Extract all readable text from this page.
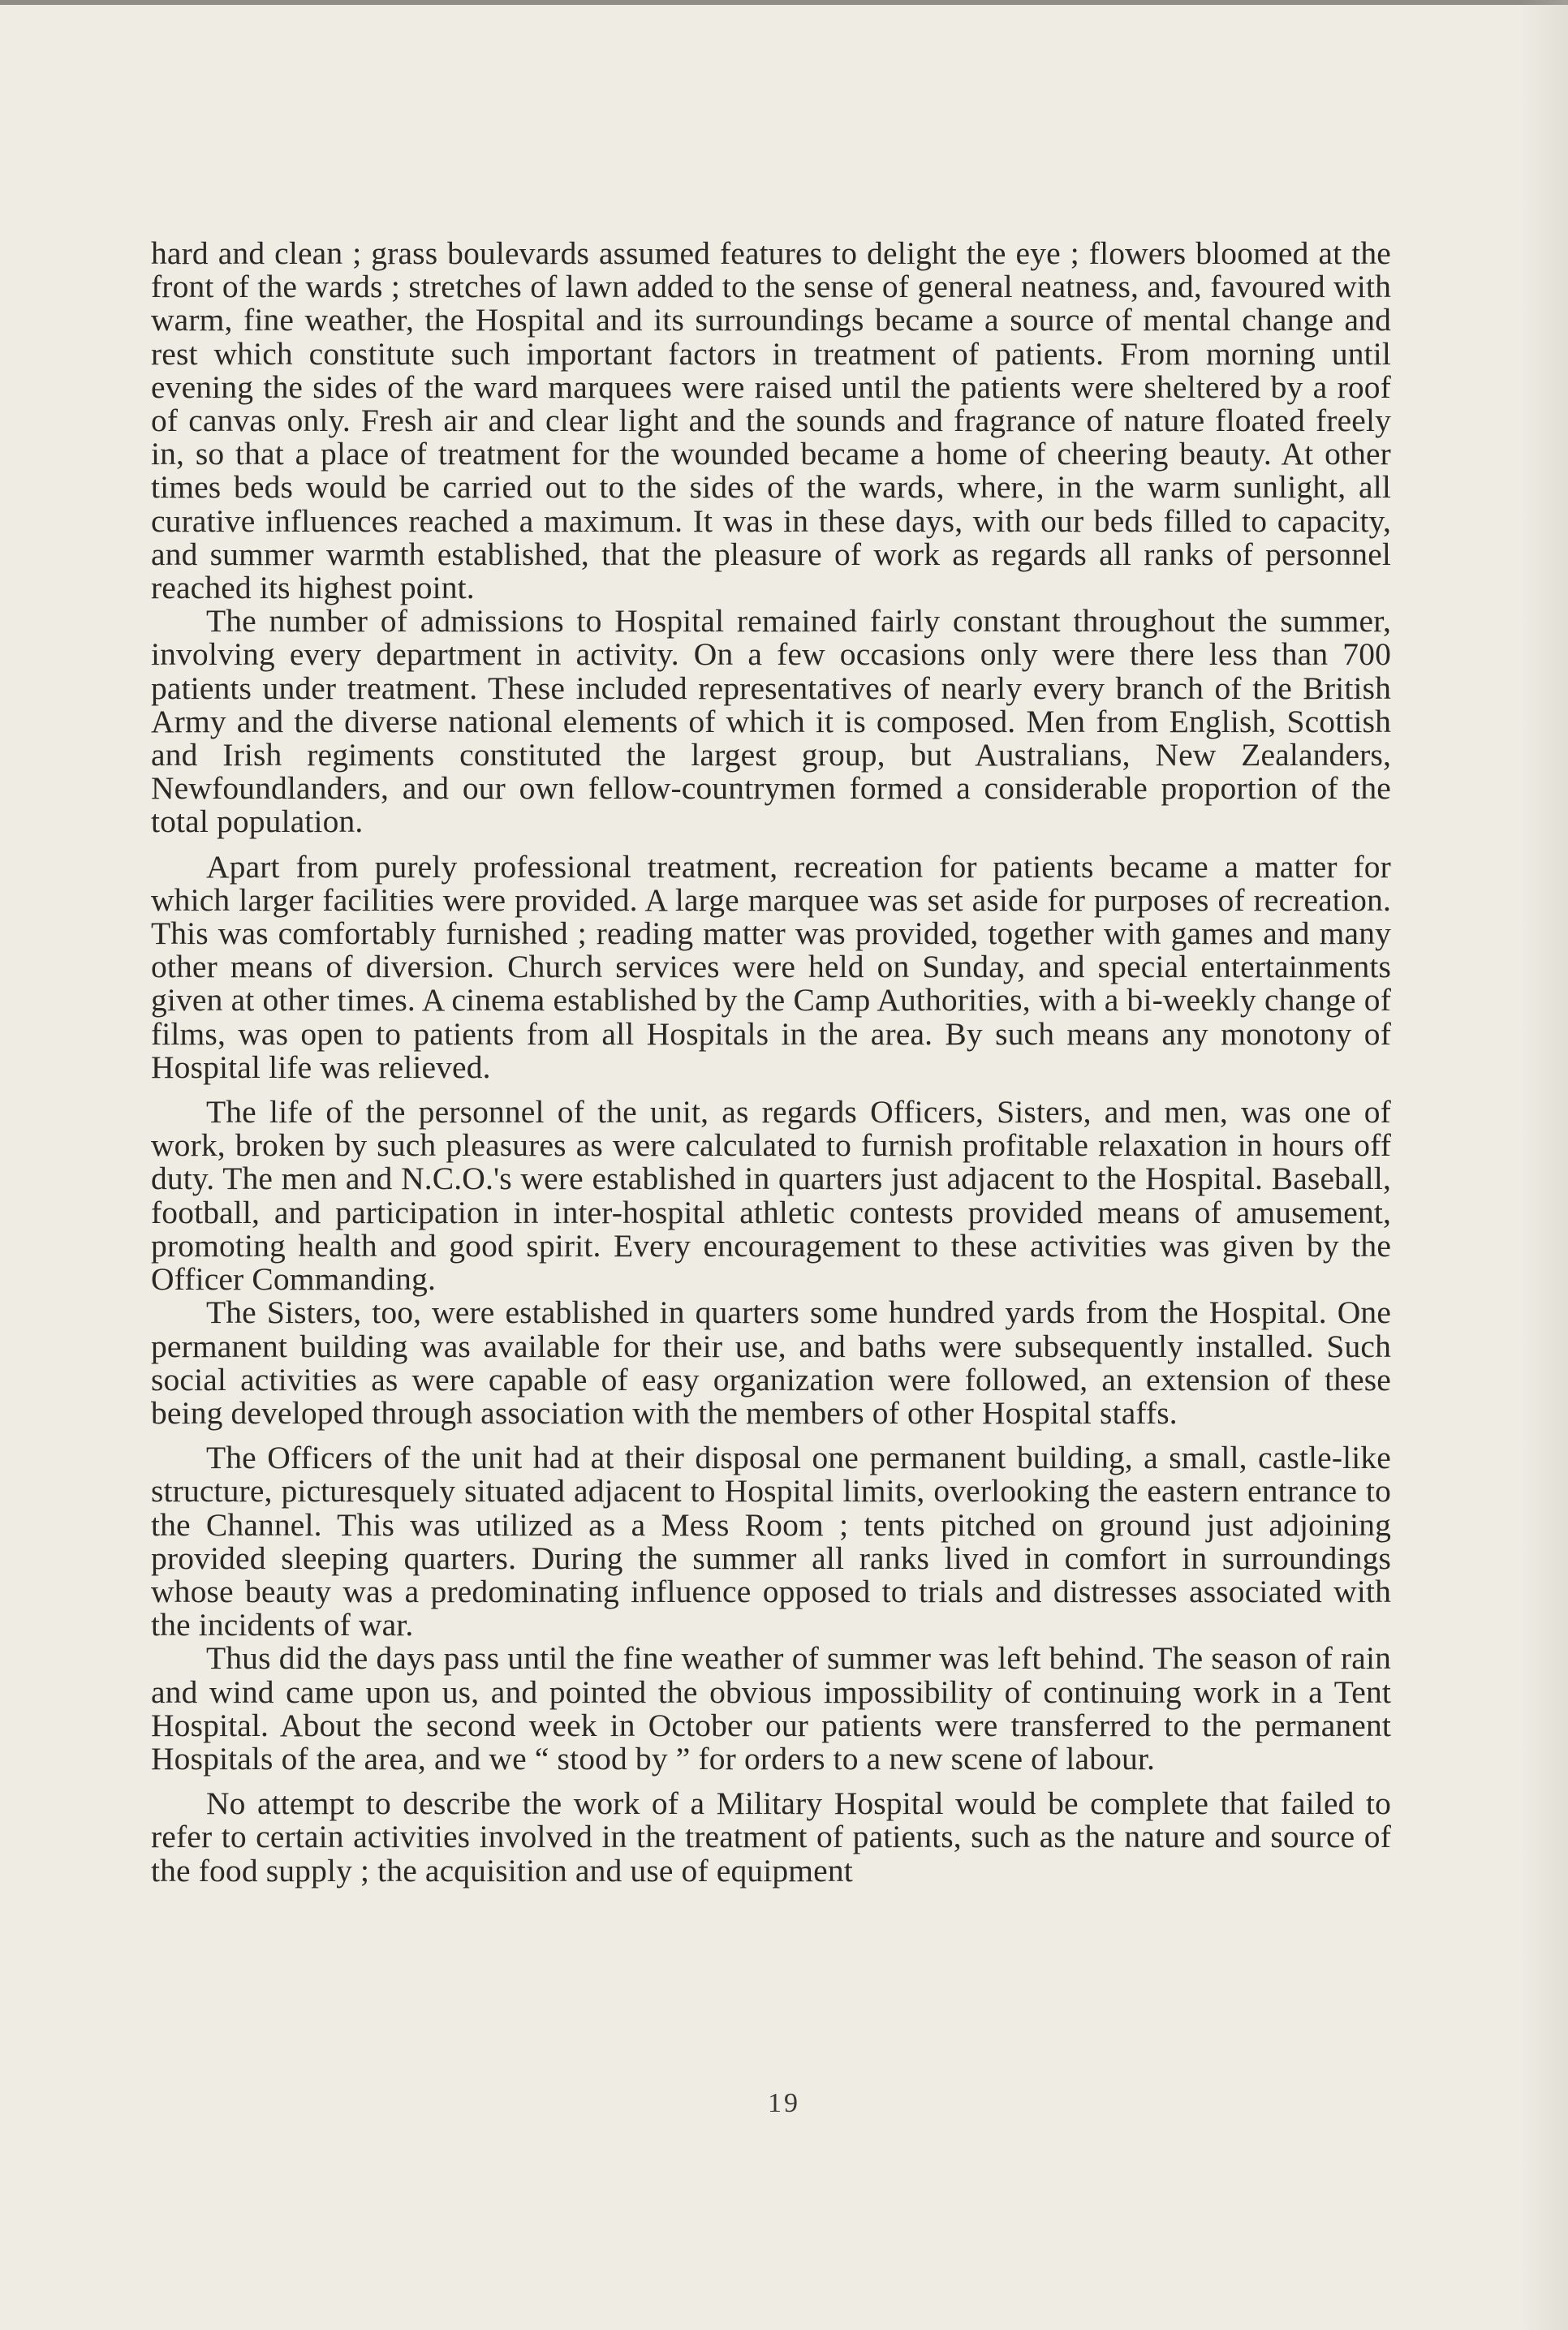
hard and clean ; grass boulevards assumed features to delight the eye ; flowers bloomed at the front of the wards ; stretches of lawn added to the sense of general neatness, and, favoured with warm, fine weather, the Hospital and its surroundings became a source of mental change and rest which constitute such important factors in treatment of patients. From morning until evening the sides of the ward marquees were raised until the patients were sheltered by a roof of canvas only. Fresh air and clear light and the sounds and fragrance of nature floated freely in, so that a place of treatment for the wounded became a home of cheering beauty. At other times beds would be carried out to the sides of the wards, where, in the warm sunlight, all curative influences reached a maximum. It was in these days, with our beds filled to capacity, and summer warmth established, that the pleasure of work as regards all ranks of personnel reached its highest point.

The number of admissions to Hospital remained fairly constant throughout the summer, involving every department in activity. On a few occasions only were there less than 700 patients under treatment. These included representatives of nearly every branch of the British Army and the diverse national elements of which it is composed. Men from English, Scottish and Irish regiments constituted the largest group, but Australians, New Zealanders, Newfoundlanders, and our own fellow-countrymen formed a considerable proportion of the total population.

Apart from purely professional treatment, recreation for patients became a matter for which larger facilities were provided. A large marquee was set aside for purposes of recreation. This was comfortably furnished ; reading matter was provided, together with games and many other means of diversion. Church services were held on Sunday, and special entertainments given at other times. A cinema established by the Camp Authorities, with a bi-weekly change of films, was open to patients from all Hospitals in the area. By such means any monotony of Hospital life was relieved.

The life of the personnel of the unit, as regards Officers, Sisters, and men, was one of work, broken by such pleasures as were calculated to furnish profitable relaxation in hours off duty. The men and N.C.O.'s were established in quarters just adjacent to the Hospital. Baseball, football, and participation in inter-hospital athletic contests provided means of amusement, promoting health and good spirit. Every encouragement to these activities was given by the Officer Commanding.

The Sisters, too, were established in quarters some hundred yards from the Hospital. One permanent building was available for their use, and baths were subsequently installed. Such social activities as were capable of easy organization were followed, an extension of these being developed through association with the members of other Hospital staffs.

The Officers of the unit had at their disposal one permanent building, a small, castle-like structure, picturesquely situated adjacent to Hospital limits, overlooking the eastern entrance to the Channel. This was utilized as a Mess Room ; tents pitched on ground just adjoining provided sleeping quarters. During the summer all ranks lived in comfort in surroundings whose beauty was a predominating influence opposed to trials and distresses associated with the incidents of war.

Thus did the days pass until the fine weather of summer was left behind. The season of rain and wind came upon us, and pointed the obvious impossibility of continuing work in a Tent Hospital. About the second week in October our patients were transferred to the permanent Hospitals of the area, and we “ stood by ” for orders to a new scene of labour.

No attempt to describe the work of a Military Hospital would be complete that failed to refer to certain activities involved in the treatment of patients, such as the nature and source of the food supply ; the acquisition and use of equipment

19
